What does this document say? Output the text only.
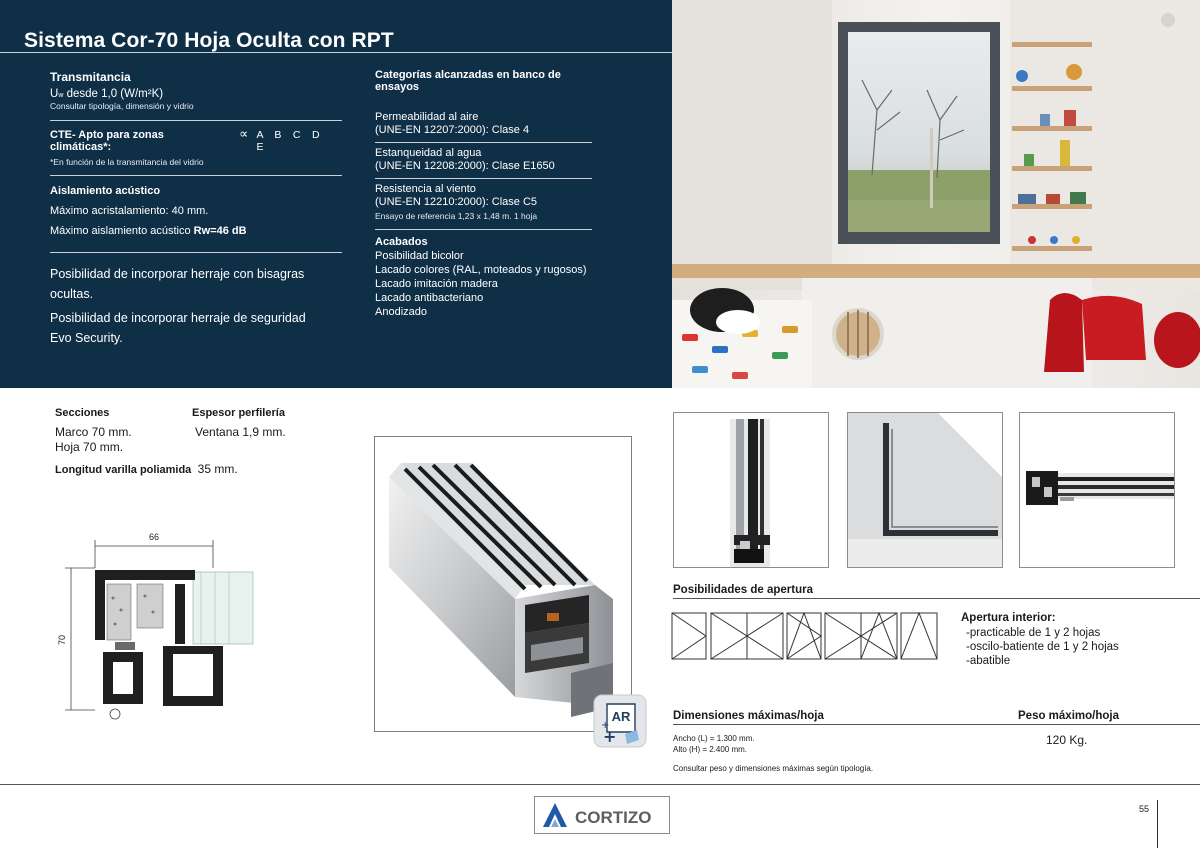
Sistema Cor-70 Hoja Oculta con RPT
Transmitancia
Uw desde 1,0 (W/m²K)
Consultar tipología, dimensión y vidrio
CTE- Apto para zonas climáticas*:
∝ A B C D E
*En función de la transmitancia del vidrio
Aislamiento acústico
Máximo acristalamiento: 40 mm.
Máximo aislamiento acústico Rw=46 dB

Posibilidad de incorporar herraje con bisagras ocultas.

Posibilidad de incorporar herraje de seguridad Evo Security.

Categorías alcanzadas en banco de ensayos
Permeabilidad al aire
(UNE-EN 12207:2000): Clase 4
Estanqueidad al agua
(UNE-EN 12208:2000): Clase E1650
Resistencia al viento
(UNE-EN 12210:2000): Clase C5
Ensayo de referencia 1,23 x 1,48 m. 1 hoja
Acabados
Posibilidad bicolor
Lacado colores (RAL, moteados y rugosos)
Lacado imitación madera
Lacado antibacteriano
Anodizado
Secciones
Marco 70 mm.
Hoja 70 mm.
Espesor perfilería
Ventana 1,9 mm.
Longitud varilla poliamida 35 mm.
66
70
AR
+
+
Posibilidades de apertura
Apertura interior:
-practicable de 1 y 2 hojas
-oscilo-batiente de 1 y 2 hojas
-abatible
Dimensiones máximas/hoja	Peso máximo/hoja
Ancho (L) = 1.300 mm.
Alto (H) = 2.400 mm.
Consultar peso y dimensiones máximas según tipología.
120 Kg.
CORTIZO	55
